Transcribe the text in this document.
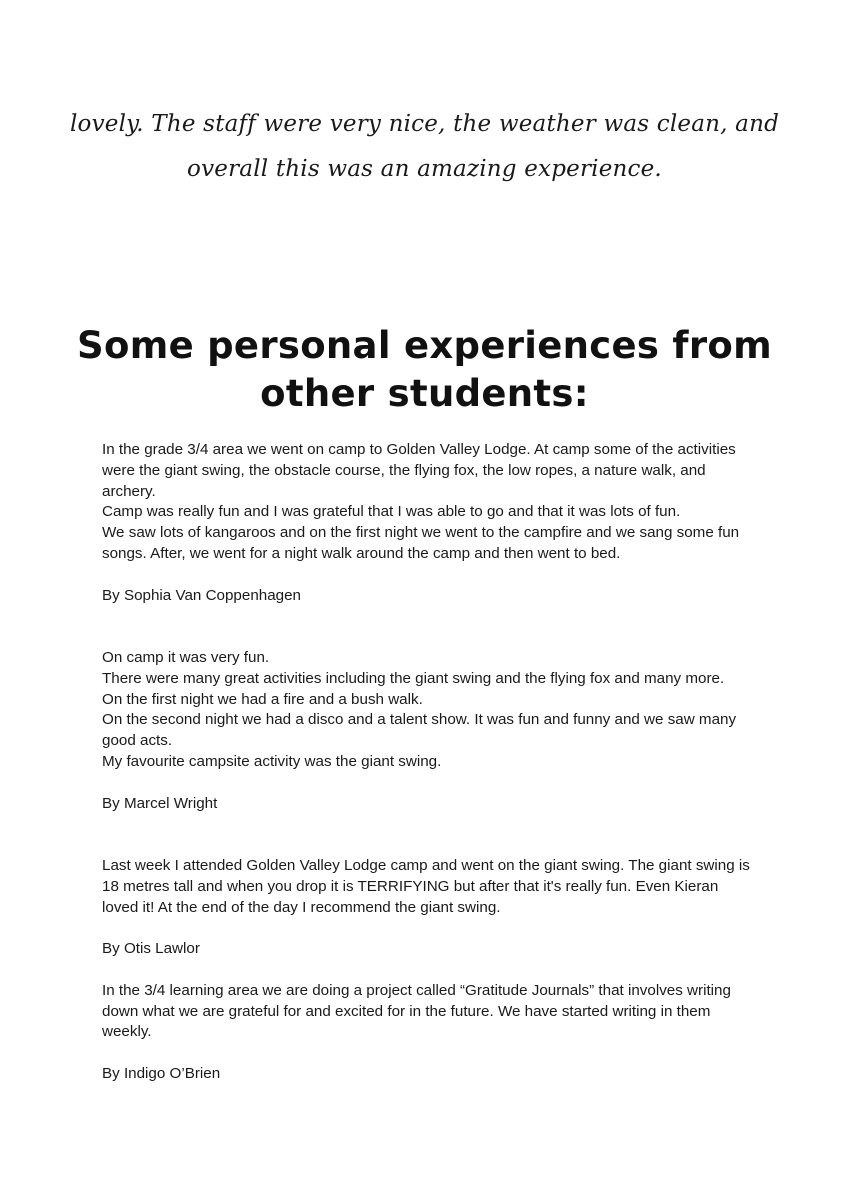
lovely. The staff were very nice, the weather was clean, and

overall this was an amazing experience.

Some personal experiences from other students:

In the grade 3/4 area we went on camp to Golden Valley Lodge. At camp some of the activities were the giant swing, the obstacle course, the flying fox, the low ropes, a nature walk, and archery.

Camp was really fun and I was grateful that I was able to go and that it was lots of fun.

We saw lots of kangaroos and on the first night we went to the campfire and we sang some fun songs. After, we went for a night walk around the camp and then went to bed.

By Sophia Van Coppenhagen

On camp it was very fun.

There were many great activities including the giant swing and the flying fox and many more.

On the first night we had a fire and a bush walk.

On the second night we had a disco and a talent show. It was fun and funny and we saw many good acts.

My favourite campsite activity was the giant swing.

By Marcel Wright

Last week I attended Golden Valley Lodge camp and went on the giant swing. The giant swing is 18 metres tall and when you drop it is TERRIFYING but after that it's really fun. Even Kieran loved it! At the end of the day I recommend the giant swing.

By Otis Lawlor

In the 3/4 learning area we are doing a project called “Gratitude Journals” that involves writing down what we are grateful for and excited for in the future. We have started writing in them weekly.

By Indigo O’Brien
